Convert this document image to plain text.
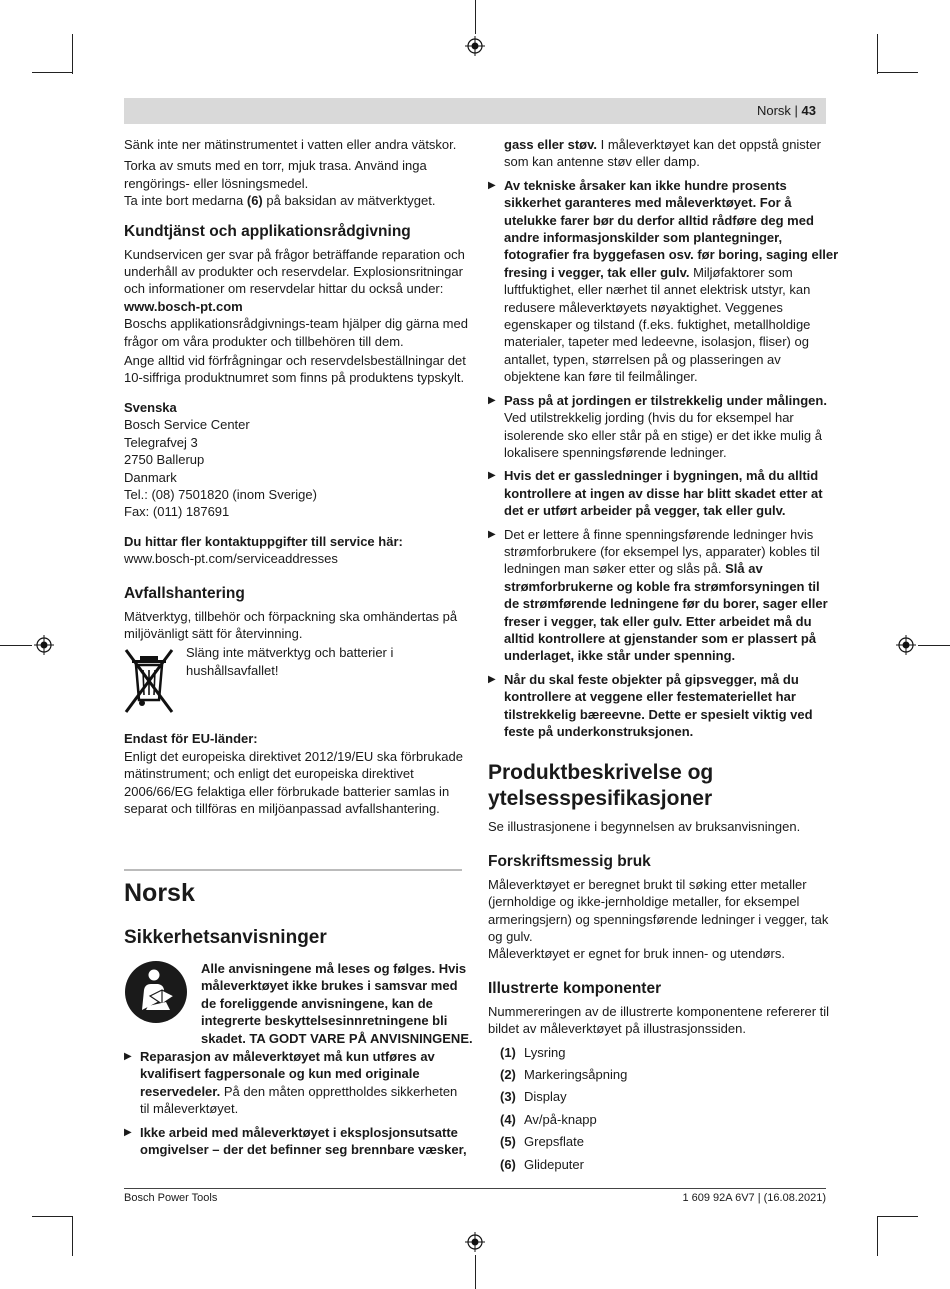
Norsk | 43

Sänk inte ner mätinstrumentet i vatten eller andra vätskor.

Torka av smuts med en torr, mjuk trasa. Använd inga
rengörings- eller lösningsmedel.

Ta inte bort medarna (6) på baksidan av mätverktyget.

Kundtjänst och applikationsrådgivning
Kundservicen ger svar på frågor beträffande reparation och
underhåll av produkter och reservdelar. Explosionsritningar
och informationer om reservdelar hittar du också under:
www.bosch-pt.com
Boschs applikationsrådgivnings-team hjälper dig gärna med
frågor om våra produkter och tillbehören till dem.
Ange alltid vid förfrågningar och reservdelsbeställningar det
10-siffriga produktnumret som finns på produktens typskylt.
Svenska
Bosch Service Center
Telegrafvej 3
2750 Ballerup
Danmark
Tel.: (08) 7501820 (inom Sverige)
Fax: (011) 187691
Du hittar fler kontaktuppgifter till service här:
www.bosch-pt.com/serviceaddresses
Avfallshantering
Mätverktyg, tillbehör och förpackning ska omhändertas på
miljövänligt sätt för återvinning.
Släng inte mätverktyg och batterier i
hushållsavfallet!
Endast för EU-länder:
Enligt det europeiska direktivet 2012/19/EU ska förbrukade
mätinstrument; och enligt det europeiska direktivet
2006/66/EG felaktiga eller förbrukade batterier samlas in
separat och tillföras en miljöanpassad avfallshantering.
Norsk
Sikkerhetsanvisninger
Alle anvisningene må leses og følges. Hvis
måleverktøyet ikke brukes i samsvar med
de foreliggende anvisningene, kan de
integrerte beskyttelsesinnretningene bli
skadet. TA GODT VARE PÅ ANVISNINGENE.
▶
Reparasjon av måleverktøyet må kun utføres av
kvalifisert fagpersonale og kun med originale
reservedeler. På den måten opprettholdes sikkerheten
til måleverktøyet.
▶
Ikke arbeid med måleverktøyet i eksplosjonsutsatte
omgivelser – der det befinner seg brennbare væsker,
gass eller støv. I måleverktøyet kan det oppstå gnister
som kan antenne støv eller damp.
▶
Av tekniske årsaker kan ikke hundre prosents
sikkerhet garanteres med måleverktøyet. For å
utelukke farer bør du derfor alltid rådføre deg med
andre informasjonskilder som plantegninger,
fotografier fra byggefasen osv. før boring, saging eller
fresing i vegger, tak eller gulv. Miljøfaktorer som
luftfuktighet, eller nærhet til annet elektrisk utstyr, kan
redusere måleverktøyets nøyaktighet. Veggenes
egenskaper og tilstand (f.eks. fuktighet, metallholdige
materialer, tapeter med ledeevne, isolasjon, fliser) og
antallet, typen, størrelsen på og plasseringen av
objektene kan føre til feilmålinger.
▶
Pass på at jordingen er tilstrekkelig under målingen.
Ved utilstrekkelig jording (hvis du for eksempel har
isolerende sko eller står på en stige) er det ikke mulig å
lokalisere spenningsførende ledninger.
▶
Hvis det er gassledninger i bygningen, må du alltid
kontrollere at ingen av disse har blitt skadet etter at
det er utført arbeider på vegger, tak eller gulv.
▶
Det er lettere å finne spenningsførende ledninger hvis
strømforbrukere (for eksempel lys, apparater) kobles til
ledningen man søker etter og slås på. Slå av
strømforbrukerne og koble fra strømforsyningen til
de strømførende ledningene før du borer, sager eller
freser i vegger, tak eller gulv. Etter arbeidet må du
alltid kontrollere at gjenstander som er plassert på
underlaget, ikke står under spenning.
▶
Når du skal feste objekter på gipsvegger, må du
kontrollere at veggene eller festemateriellet har
tilstrekkelig bæreevne. Dette er spesielt viktig ved
feste på underkonstruksjonen.
Produktbeskrivelse og
ytelsesspesifikasjoner

Se illustrasjonene i begynnelsen av bruksanvisningen.

Forskriftsmessig bruk
Måleverktøyet er beregnet brukt til søking etter metaller
(jernholdige og ikke-jernholdige metaller, for eksempel
armeringsjern) og spenningsførende ledninger i vegger, tak
og gulv.
Måleverktøyet er egnet for bruk innen- og utendørs.
Illustrerte komponenter
Nummereringen av de illustrerte komponentene refererer til
bildet av måleverktøyet på illustrasjonssiden.
(1) Lysring
(2) Markeringsåpning
(3) Display
(4) Av/på-knapp
(5) Grepsflate
(6) Glideputer
Bosch Power Tools	1 609 92A 6V7 | (16.08.2021)
